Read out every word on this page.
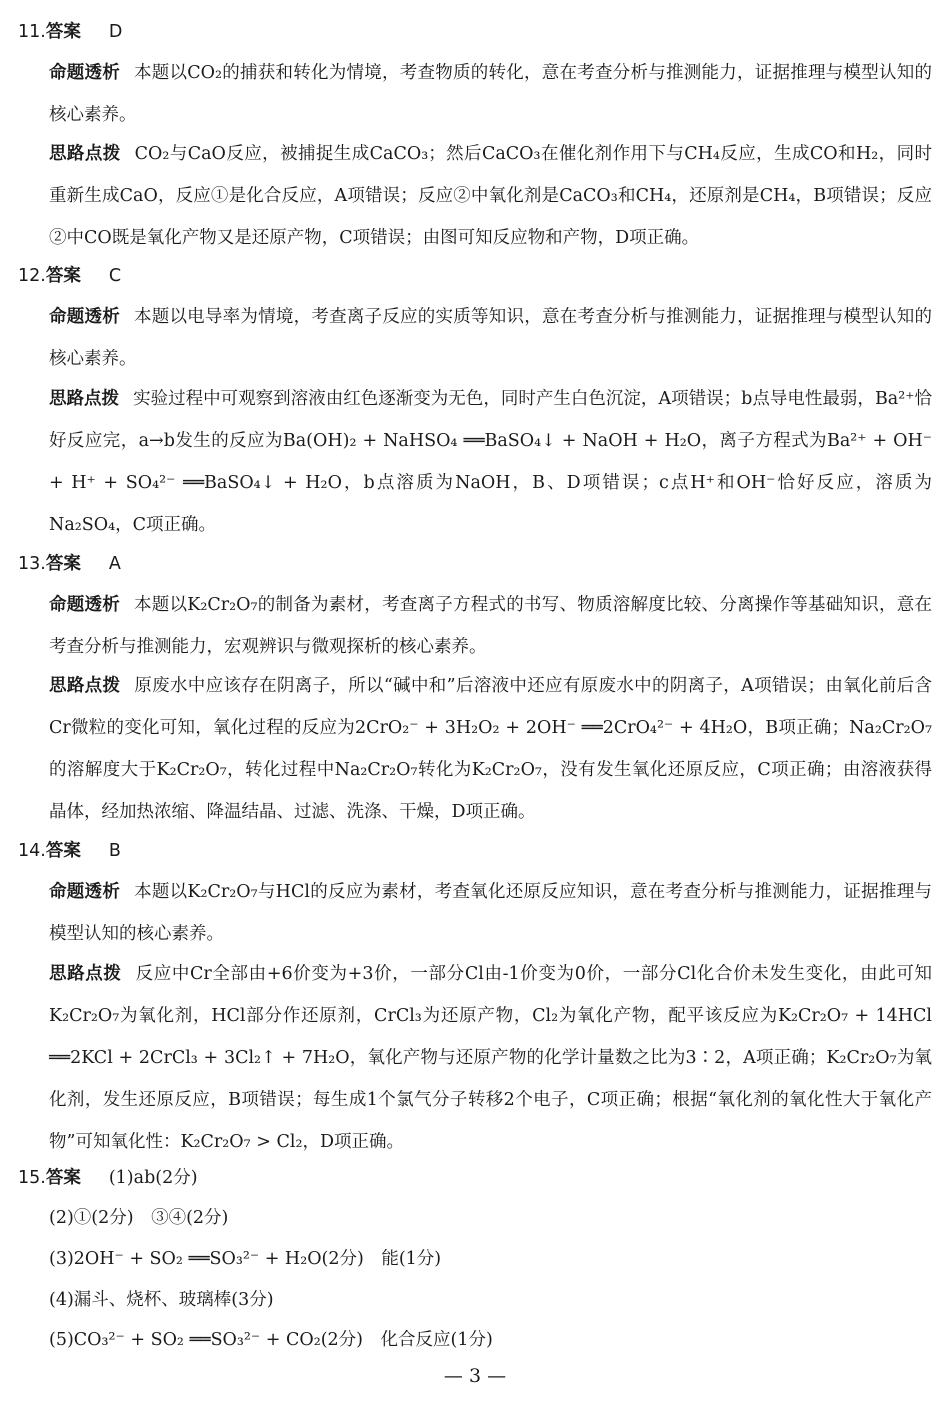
11.答案 D
命题透析 本题以CO₂的捕获和转化为情境，考查物质的转化，意在考查分析与推测能力，证据推理与模型认知的核心素养。
思路点拨 CO₂与CaO反应，被捕捉生成CaCO₃；然后CaCO₃在催化剂作用下与CH₄反应，生成CO和H₂，同时重新生成CaO，反应①是化合反应，A项错误；反应②中氧化剂是CaCO₃和CH₄，还原剂是CH₄，B项错误；反应②中CO既是氧化产物又是还原产物，C项错误；由图可知反应物和产物，D项正确。
12.答案 C
命题透析 本题以电导率为情境，考查离子反应的实质等知识，意在考查分析与推测能力，证据推理与模型认知的核心素养。
思路点拨 实验过程中可观察到溶液由红色逐渐变为无色，同时产生白色沉淀，A项错误；b点导电性最弱，Ba²⁺恰好反应完，a→b发生的反应为Ba(OH)₂ + NaHSO₄ ══BaSO₄↓ + NaOH + H₂O，离子方程式为Ba²⁺ + OH⁻ + H⁺ + SO₄²⁻ ══BaSO₄↓ + H₂O，b点溶质为NaOH，B、D项错误；c点H⁺和OH⁻恰好反应，溶质为Na₂SO₄，C项正确。
13.答案 A
命题透析 本题以K₂Cr₂O₇的制备为素材，考查离子方程式的书写、物质溶解度比较、分离操作等基础知识，意在考查分析与推测能力，宏观辨识与微观探析的核心素养。
思路点拨 原废水中应该存在阴离子，所以“碱中和”后溶液中还应有原废水中的阴离子，A项错误；由氧化前后含Cr微粒的变化可知，氧化过程的反应为2CrO₂⁻ + 3H₂O₂ + 2OH⁻ ══2CrO₄²⁻ + 4H₂O，B项正确；Na₂Cr₂O₇的溶解度大于K₂Cr₂O₇，转化过程中Na₂Cr₂O₇转化为K₂Cr₂O₇，没有发生氧化还原反应，C项正确；由溶液获得晶体，经加热浓缩、降温结晶、过滤、洗涤、干燥，D项正确。
14.答案 B
命题透析 本题以K₂Cr₂O₇与HCl的反应为素材，考查氧化还原反应知识，意在考查分析与推测能力，证据推理与模型认知的核心素养。
思路点拨 反应中Cr全部由+6价变为+3价，一部分Cl由-1价变为0价，一部分Cl化合价未发生变化，由此可知K₂Cr₂O₇为氧化剂，HCl部分作还原剂，CrCl₃为还原产物，Cl₂为氧化产物，配平该反应为K₂Cr₂O₇ + 14HCl ══2KCl + 2CrCl₃ + 3Cl₂↑ + 7H₂O，氧化产物与还原产物的化学计量数之比为3∶2，A项正确；K₂Cr₂O₇为氧化剂，发生还原反应，B项错误；每生成1个氯气分子转移2个电子，C项正确；根据“氧化剂的氧化性大于氧化产物”可知氧化性：K₂Cr₂O₇ > Cl₂，D项正确。
15.答案 (1)ab(2分)
(2)①(2分)　③④(2分)
(3)2OH⁻ + SO₂ ══SO₃²⁻ + H₂O(2分)　能(1分)
(4)漏斗、烧杯、玻璃棒(3分)
(5)CO₃²⁻ + SO₂ ══SO₃²⁻ + CO₂(2分)　化合反应(1分)
— 3 —
